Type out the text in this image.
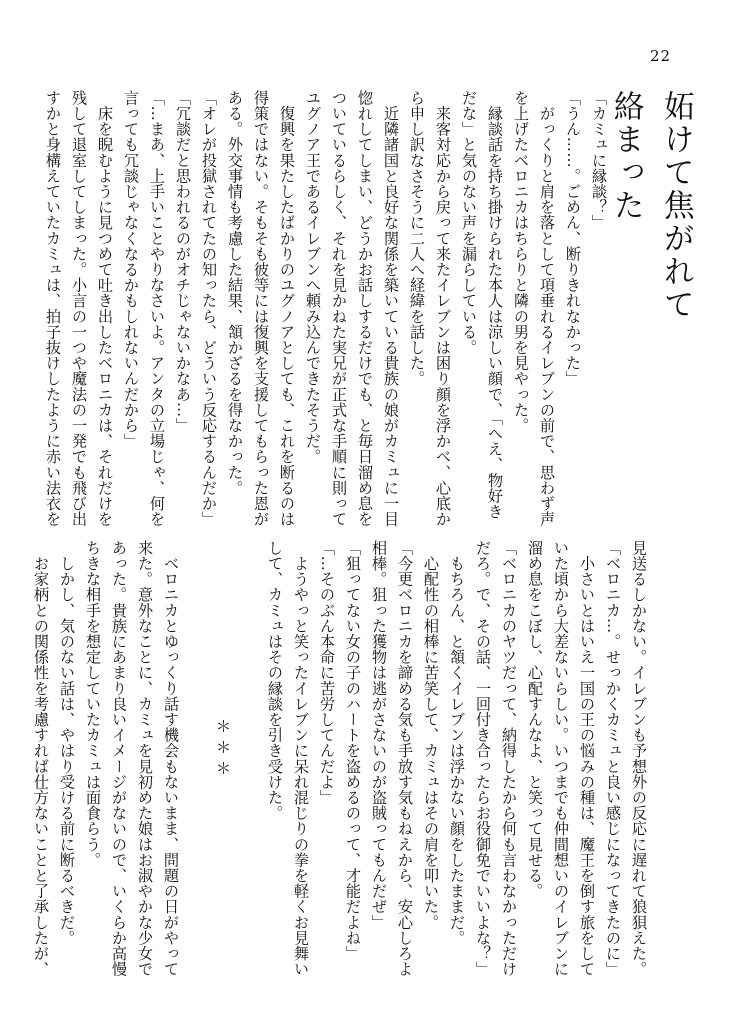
22
妬けて焦がれて絡まった
「カミュに縁談？」
「うん……。ごめん、断りきれなかった」
　がっくりと肩を落として項垂れるイレブンの前で、思わず声
を上げたベロニカはちらりと隣の男を見やった。
　縁談話を持ち掛けられた本人は涼しい顔で、「へえ、物好き
だな」と気のない声を漏らしている。
　来客対応から戻って来たイレブンは困り顔を浮かべ、心底か
ら申し訳なさそうに二人へ経緯を話した。
　近隣諸国と良好な関係を築いている貴族の娘がカミュに一目
惚れしてしまい、どうかお話しするだけでも、と毎日溜め息を
ついているらしく、それを見かねた実兄が正式な手順に則って
ユグノア王であるイレブンへ頼み込んできたそうだ。
　復興を果たしたばかりのユグノアとしても、これを断るのは
得策ではない。そもそも彼等には復興を支援してもらった恩が
ある。外交事情も考慮した結果、頷かざるを得なかった。
「オレが投獄されてたの知ったら、どういう反応するんだか」
「冗談だと思われるのがオチじゃないかなあ…」
「…まあ、上手いことやりなさいよ。アンタの立場じゃ、何を
言っても冗談じゃなくなるかもしれないんだから」
　床を睨むように見つめて吐き出したベロニカは、それだけを
残して退室してしまった。小言の一つや魔法の一発でも飛び出
すかと身構えていたカミュは、拍子抜けしたように赤い法衣を
見送るしかない。イレブンも予想外の反応に遅れて狼狽えた。
「ベロニカ…。せっかくカミュと良い感じになってきたのに」
　小さいとはいえ一国の王の悩みの種は、魔王を倒す旅をして
いた頃から大差ないらしい。いつまでも仲間想いのイレブンに
溜め息をこぼし、心配すんなよ、と笑って見せる。
「ベロニカのヤツだって、納得したから何も言わなかっただけ
だろ。で、その話、一回付き合ったらお役御免でいいよな？」
　もちろん、と頷くイレブンは浮かない顔をしたままだ。
　心配性の相棒に苦笑して、カミュはその肩を叩いた。
「今更ベロニカを諦める気も手放す気もねえから、安心しろよ
相棒。狙った獲物は逃がさないのが盗賊ってもんだぜ」
「狙ってない女の子のハートを盗めるのって、才能だよね」
「…そのぶん本命に苦労してんだよ」
　ようやっと笑ったイレブンに呆れ混じりの拳を軽くお見舞い
して、カミュはその縁談を引き受けた。

＊＊＊

　ベロニカとゆっくり話す機会もないまま、問題の日がやって
来た。意外なことに、カミュを見初めた娘はお淑やかな少女で
あった。貴族にあまり良いイメージがないので、いくらか高慢
ちきな相手を想定していたカミュは面食らう。
　しかし、気のない話は、やはり受ける前に断るべきだ。
　お家柄との関係性を考慮すれば仕方ないことと了承したが、
